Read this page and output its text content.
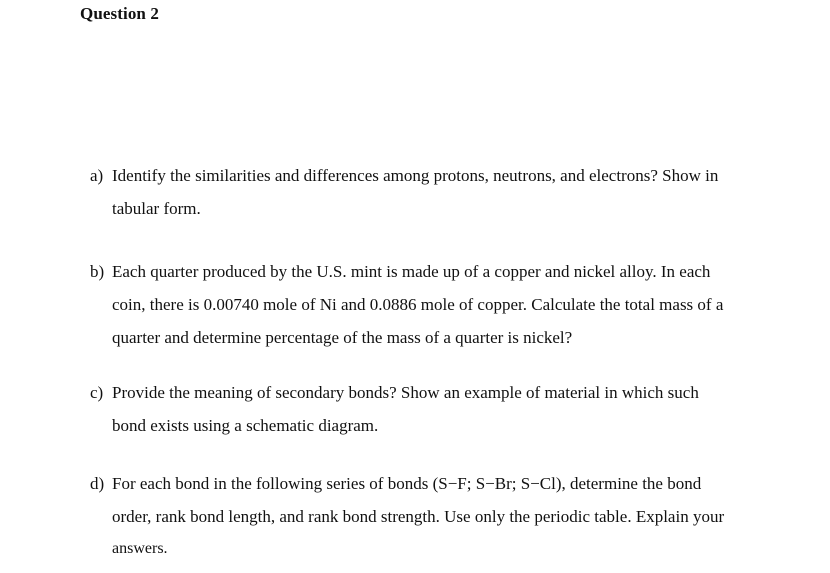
Question 2
a) Identify the similarities and differences among protons, neutrons, and electrons? Show in
tabular form.
b) Each quarter produced by the U.S. mint is made up of a copper and nickel alloy. In each
coin, there is 0.00740 mole of Ni and 0.0886 mole of copper. Calculate the total mass of a
quarter and determine percentage of the mass of a quarter is nickel?
c) Provide the meaning of secondary bonds? Show an example of material in which such
bond exists using a schematic diagram.
d) For each bond in the following series of bonds (S−F; S−Br; S−Cl), determine the bond
order, rank bond length, and rank bond strength. Use only the periodic table. Explain your
answers.
